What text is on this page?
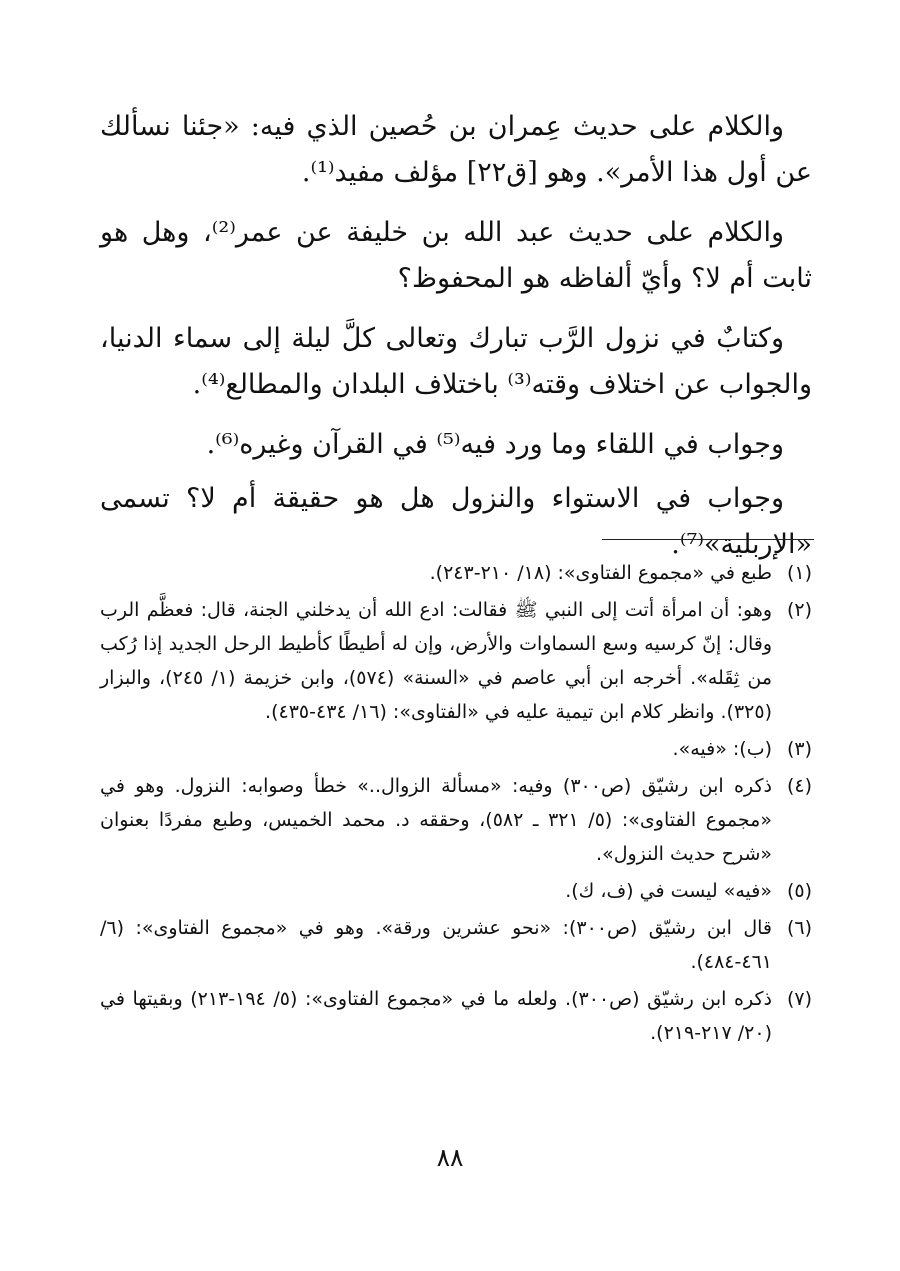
والكلام على حديث عِمران بن حُصين الذي فيه: «جئنا نسألك عن أول هذا الأمر». وهو [ق٢٢] مؤلف مفيد⁽¹⁾.

والكلام على حديث عبد الله بن خليفة عن عمر⁽²⁾، وهل هو ثابت أم لا؟ وأيّ ألفاظه هو المحفوظ؟

وكتابٌ في نزول الرَّب تبارك وتعالى كلَّ ليلة إلى سماء الدنيا، والجواب عن اختلاف وقته⁽³⁾ باختلاف البلدان والمطالع⁽⁴⁾.

وجواب في اللقاء وما ورد فيه⁽⁵⁾ في القرآن وغيره⁽⁶⁾.

وجواب في الاستواء والنزول هل هو حقيقة أم لا؟ تسمى «الإربلية»⁽⁷⁾.

(١)
طبع في «مجموع الفتاوى»: (١٨/ ٢١٠-٢٤٣).
(٢)
وهو: أن امرأة أتت إلى النبي ﷺ فقالت: ادع الله أن يدخلني الجنة، قال: فعظَّم الرب وقال: إنّ كرسيه وسع السماوات والأرض، وإن له أطيطًا كأطيط الرحل الجديد إذا رُكب من ثِقَله». أخرجه ابن أبي عاصم في «السنة» (٥٧٤)، وابن خزيمة (١/ ٢٤٥)، والبزار (٣٢٥). وانظر كلام ابن تيمية عليه في «الفتاوى»: (١٦/ ٤٣٤-٤٣٥).
(٣)
(ب): «فيه».
(٤)
ذكره ابن رشيّق (ص٣٠٠) وفيه: «مسألة الزوال..» خطأ وصوابه: النزول. وهو في «مجموع الفتاوى»: (٥/ ٣٢١ ـ ٥٨٢)، وحققه د. محمد الخميس، وطبع مفردًا بعنوان «شرح حديث النزول».
(٥)
«فيه» ليست في (ف، ك).
(٦)
قال ابن رشيّق (ص٣٠٠): «نحو عشرين ورقة». وهو في «مجموع الفتاوى»: (٦/ ٤٦١-٤٨٤).
(٧)
ذكره ابن رشيّق (ص٣٠٠). ولعله ما في «مجموع الفتاوى»: (٥/ ١٩٤-٢١٣) وبقيتها في (٢٠/ ٢١٧-٢١٩).
٨٨
